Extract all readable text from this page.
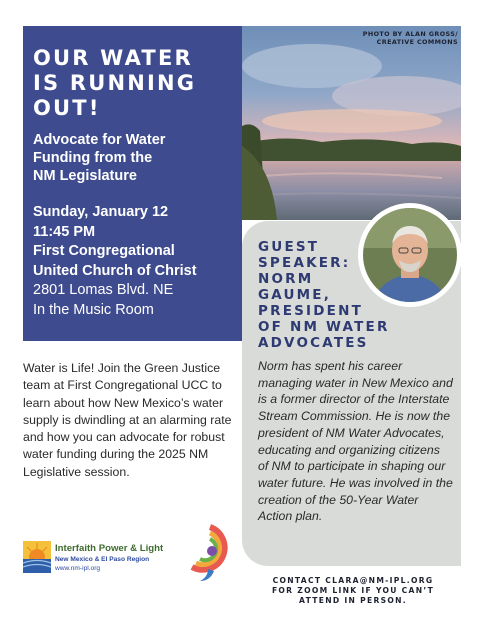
OUR WATER
IS RUNNING
OUT!
Advocate for Water
Funding from the
NM Legislature
Sunday, January 12
11:45 PM
First Congregational
United Church of Christ
2801 Lomas Blvd. NE
In the Music Room
PHOTO BY ALAN GROSS/
CREATIVE COMMONS
GUEST
SPEAKER:
NORM
GAUME,
PRESIDENT
OF NM WATER
ADVOCATES
Norm has spent his career managing water in New Mexico and is a former director of the Interstate Stream Commission. He is now the president of NM Water Advocates, educating and organizing citizens of NM to participate in shaping our water future. He was involved in the creation of the 50-Year Water Action plan.
Water is Life! Join the Green Justice team at First Congregational UCC to learn about how New Mexico’s water supply is dwindling at an alarming rate and how you can advocate for robust water funding during the 2025 NM Legislative session.
Interfaith Power & Light
New Mexico & El Paso Region
www.nm-ipl.org
CONTACT CLARA@NM-IPL.ORG
FOR ZOOM LINK IF YOU CAN’T
ATTEND IN PERSON.
